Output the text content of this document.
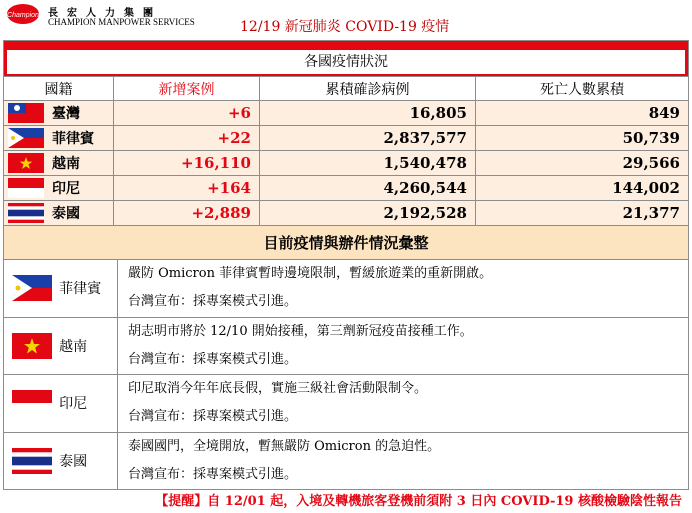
Champion 長宏人力集團
CHAMPION MANPOWER SERVICES	12/19 新冠肺炎 COVID-19 疫情
各國疫情狀況			

國籍	新增案例	累積確診病例	死亡人數累積
臺灣	+6	16,805	849
菲律賓	+22	2,837,577	50,739
越南	+16,110	1,540,478	29,566
印尼	+164	4,260,544	144,002
泰國	+2,889	2,192,528	21,377
目前疫情與辦件情況彙整	
菲律賓	嚴防 Omicron 菲律賓暫時邊境限制，暫緩旅遊業的重新開啟。
台灣宣布：採專案模式引進。

越南	胡志明市將於 12/10 開始接種，第三劑新冠疫苗接種工作。
台灣宣布：採專案模式引進。

印尼	印尼取消今年年底長假，實施三級社會活動限制令。
台灣宣布：採專案模式引進。

泰國	泰國國門，全境開放，暫無嚴防 Omicron 的急迫性。
台灣宣布：採專案模式引進。
【提醒】自 12/01 起，入境及轉機旅客登機前須附 3 日內 COVID-19 核酸檢驗陰性報告
